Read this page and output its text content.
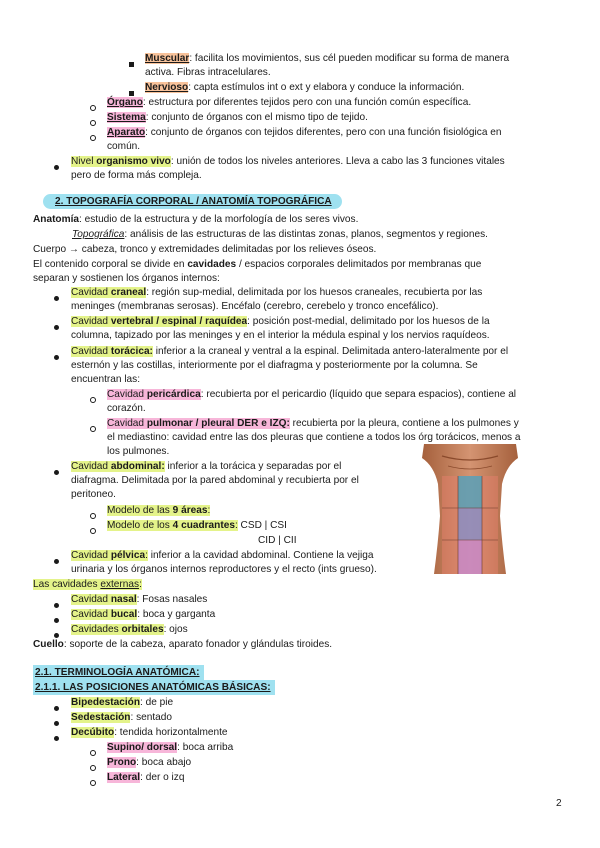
Muscular: facilita los movimientos, sus cél pueden modificar su forma de manera
activa. Fibras intracelulares.
Nervioso: capta estímulos int o ext y elabora y conduce la información.
Órgano: estructura por diferentes tejidos pero con una función común específica.
Sistema: conjunto de órganos con el mismo tipo de tejido.
Aparato: conjunto de órganos con tejidos diferentes, pero con una función fisiológica en
común.
Nivel organismo vivo: unión de todos los niveles anteriores. Lleva a cabo las 3 funciones vitales
pero de forma más compleja.
2. TOPOGRAFÍA CORPORAL / ANATOMÍA TOPOGRÁFICA
Anatomía: estudio de la estructura y de la morfología de los seres vivos.
Topográfica: análisis de las estructuras de las distintas zonas, planos, segmentos y regiones.
Cuerpo → cabeza, tronco y extremidades delimitadas por los relieves óseos.
El contenido corporal se divide en cavidades / espacios corporales delimitados por membranas que
separan y sostienen los órganos internos:
Cavidad craneal: región sup-medial, delimitada por los huesos craneales, recubierta por las
meninges (membranas serosas). Encéfalo (cerebro, cerebelo y tronco encefálico).
Cavidad vertebral / espinal / raquídea: posición post-medial, delimitado por los huesos de la
columna, tapizado por las meninges y en el interior la médula espinal y los nervios raquídeos.
Cavidad torácica: inferior a la craneal y ventral a la espinal. Delimitada antero-lateralmente por el
esternón y las costillas, interiormente por el diafragma y posteriormente por la columna. Se
encuentran las:
Cavidad pericárdica: recubierta por el pericardio (líquido que separa espacios), contiene al
corazón.
Cavidad pulmonar / pleural DER e IZQ: recubierta por la pleura, contiene a los pulmones y
el mediastino: cavidad entre las dos pleuras que contiene a todos los órg torácicos, menos a
los pulmones.
Cavidad abdominal: inferior a la torácica y separadas por el
diafragma. Delimitada por la pared abdominal y recubierta por el
peritoneo.
Modelo de las 9 áreas:
Modelo de los 4 cuadrantes: CSD | CSI
CID | CII
Cavidad pélvica: inferior a la cavidad abdominal. Contiene la vejiga
urinaria y los órganos internos reproductores y el recto (ints grueso).
Las cavidades externas:
Cavidad nasal: Fosas nasales
Cavidad bucal: boca y garganta
Cavidades orbitales: ojos
Cuello: soporte de la cabeza, aparato fonador y glándulas tiroides.
2.1. TERMINOLOGÍA ANATÓMICA:
2.1.1. LAS POSICIONES ANATÓMICAS BÁSICAS:
Bipedestación: de pie
Sedestación: sentado
Decúbito: tendida horizontalmente
Supino/ dorsal: boca arriba
Prono: boca abajo
Lateral: der o izq
2
